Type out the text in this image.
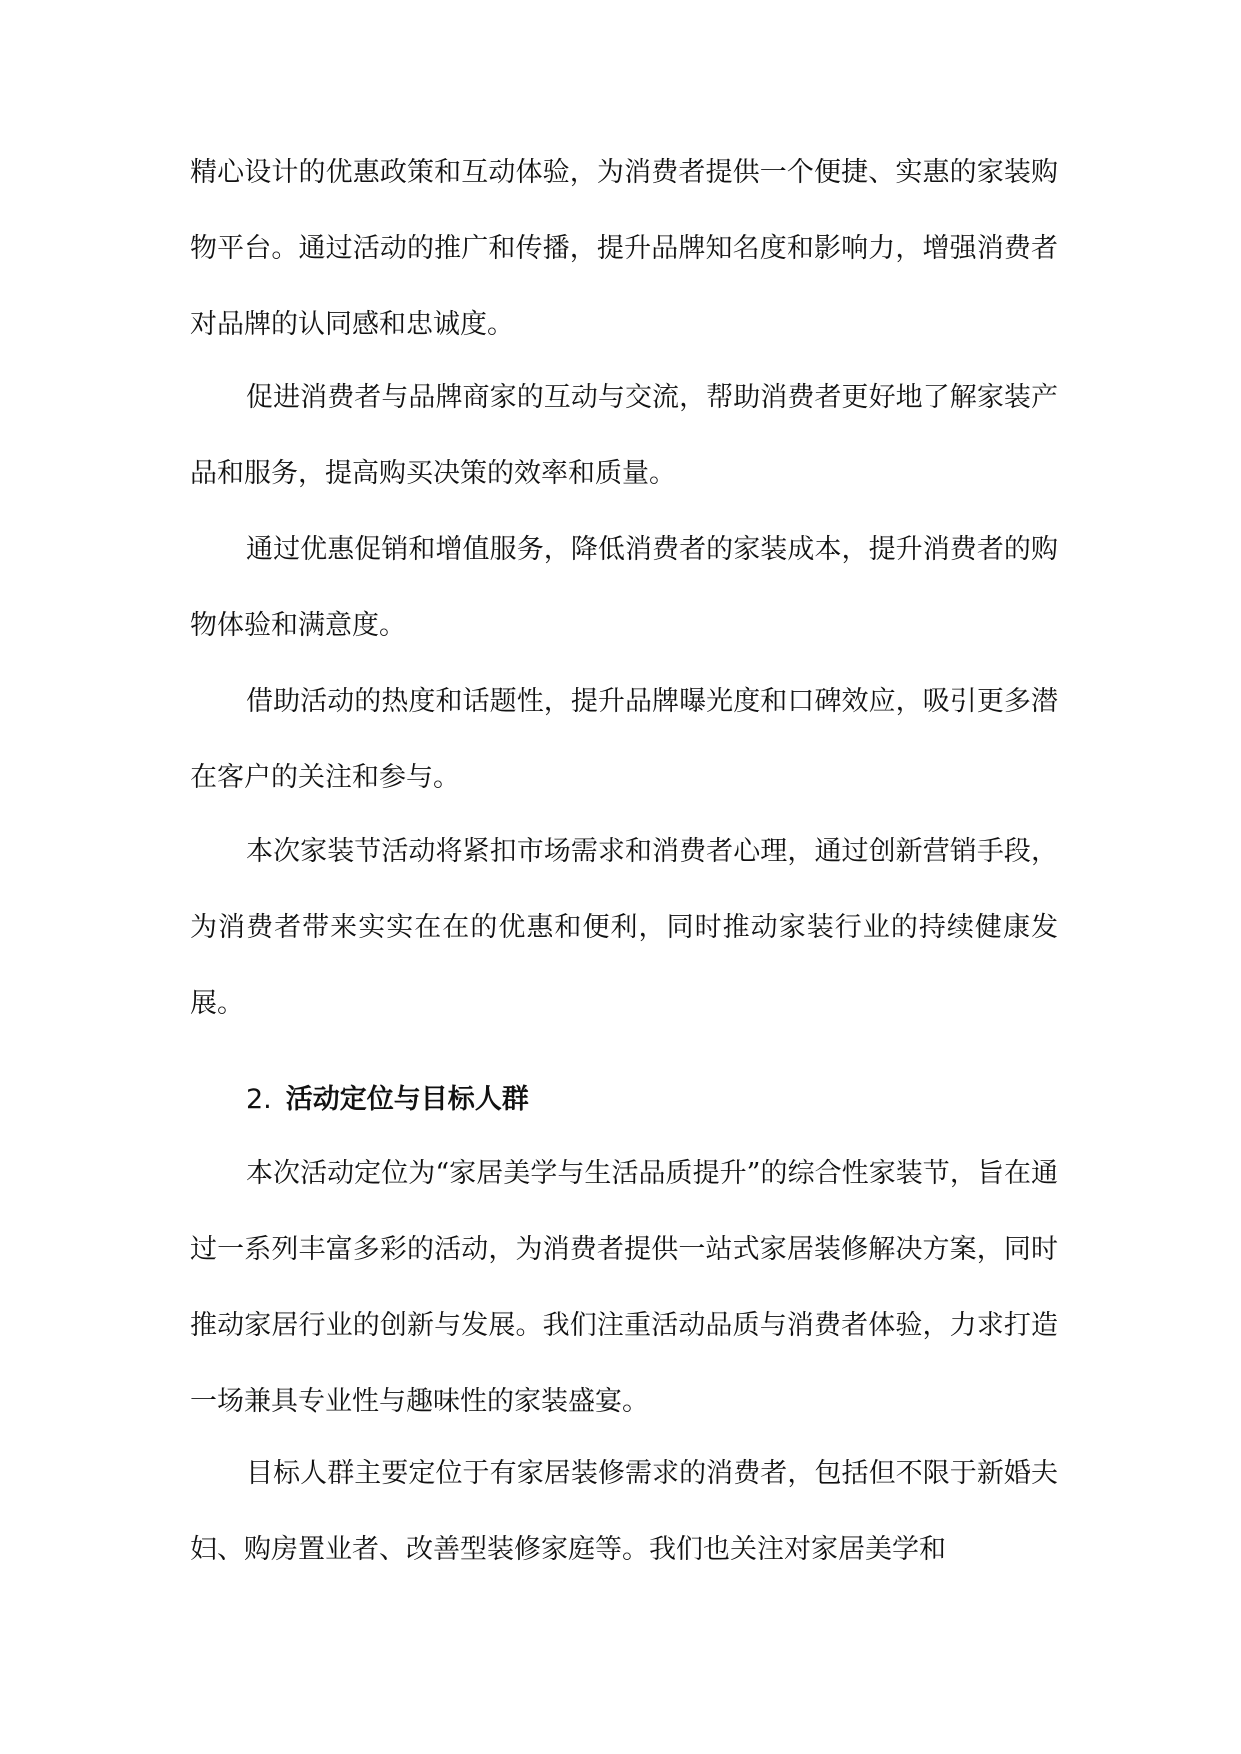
精心设计的优惠政策和互动体验，为消费者提供一个便捷、实惠的家装购物平台。通过活动的推广和传播，提升品牌知名度和影响力，增强消费者对品牌的认同感和忠诚度。

促进消费者与品牌商家的互动与交流，帮助消费者更好地了解家装产品和服务，提高购买决策的效率和质量。

通过优惠促销和增值服务，降低消费者的家装成本，提升消费者的购物体验和满意度。

借助活动的热度和话题性，提升品牌曝光度和口碑效应，吸引更多潜在客户的关注和参与。

本次家装节活动将紧扣市场需求和消费者心理，通过创新营销手段，为消费者带来实实在在的优惠和便利，同时推动家装行业的持续健康发展。

2. 活动定位与目标人群

本次活动定位为“家居美学与生活品质提升”的综合性家装节，旨在通过一系列丰富多彩的活动，为消费者提供一站式家居装修解决方案，同时推动家居行业的创新与发展。我们注重活动品质与消费者体验，力求打造一场兼具专业性与趣味性的家装盛宴。

目标人群主要定位于有家居装修需求的消费者，包括但不限于新婚夫妇、购房置业者、改善型装修家庭等。我们也关注对家居美学和
